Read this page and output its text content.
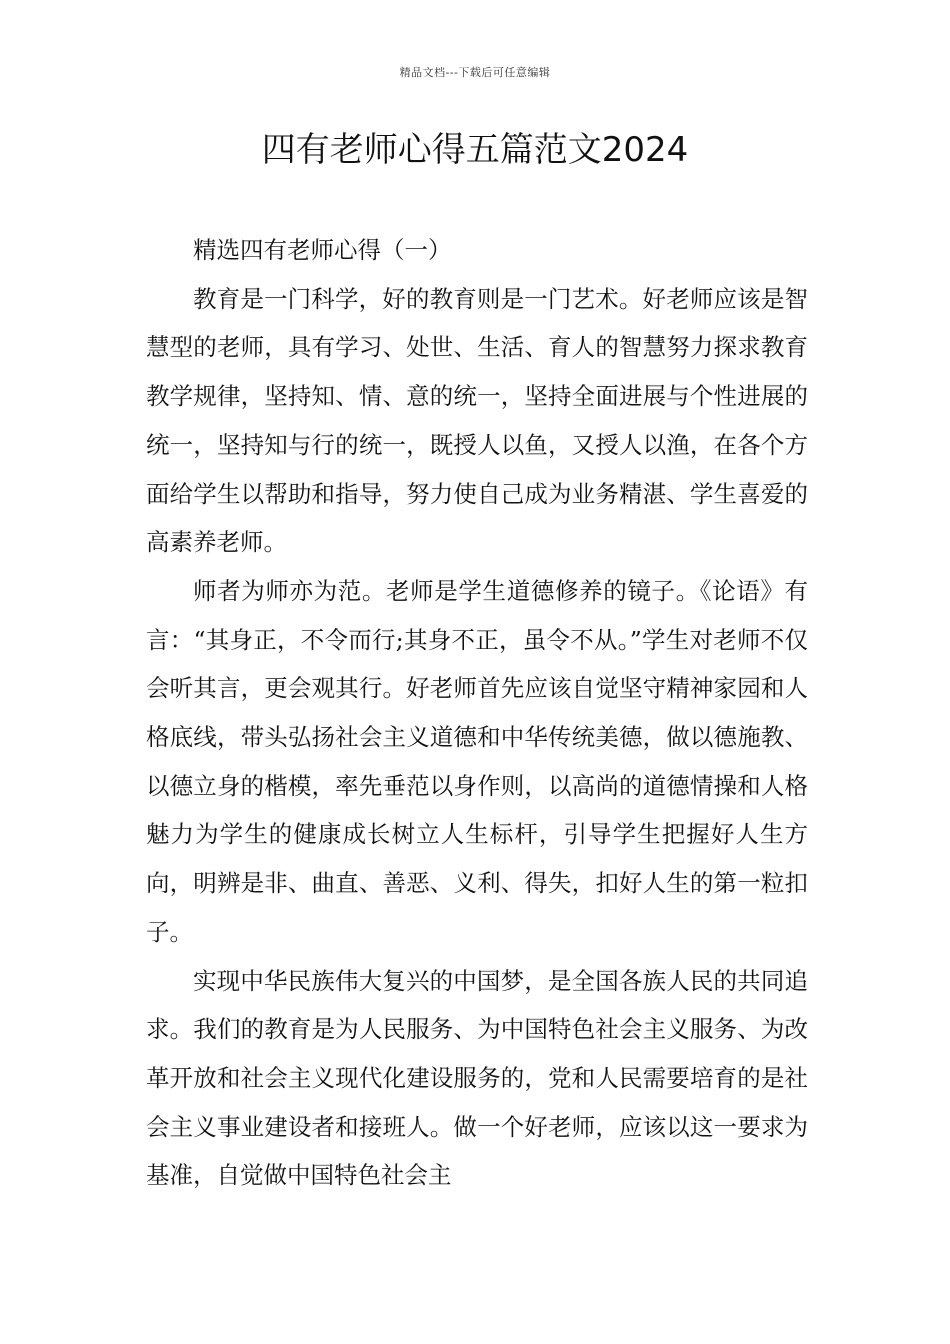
精品文档---下载后可任意编辑
四有老师心得五篇范文2024

精选四有老师心得（一）

教育是一门科学，好的教育则是一门艺术。好老师应该是智慧型的老师，具有学习、处世、生活、育人的智慧努力探求教育教学规律，坚持知、情、意的统一，坚持全面进展与个性进展的统一，坚持知与行的统一，既授人以鱼，又授人以渔，在各个方面给学生以帮助和指导，努力使自己成为业务精湛、学生喜爱的高素养老师。

师者为师亦为范。老师是学生道德修养的镜子。《论语》有言：“其身正，不令而行;其身不正，虽令不从。”学生对老师不仅会听其言，更会观其行。好老师首先应该自觉坚守精神家园和人格底线，带头弘扬社会主义道德和中华传统美德，做以德施教、以德立身的楷模，率先垂范以身作则，以高尚的道德情操和人格魅力为学生的健康成长树立人生标杆，引导学生把握好人生方向，明辨是非、曲直、善恶、义利、得失，扣好人生的第一粒扣子。

实现中华民族伟大复兴的中国梦，是全国各族人民的共同追求。我们的教育是为人民服务、为中国特色社会主义服务、为改革开放和社会主义现代化建设服务的，党和人民需要培育的是社会主义事业建设者和接班人。做一个好老师，应该以这一要求为基准，自觉做中国特色社会主
